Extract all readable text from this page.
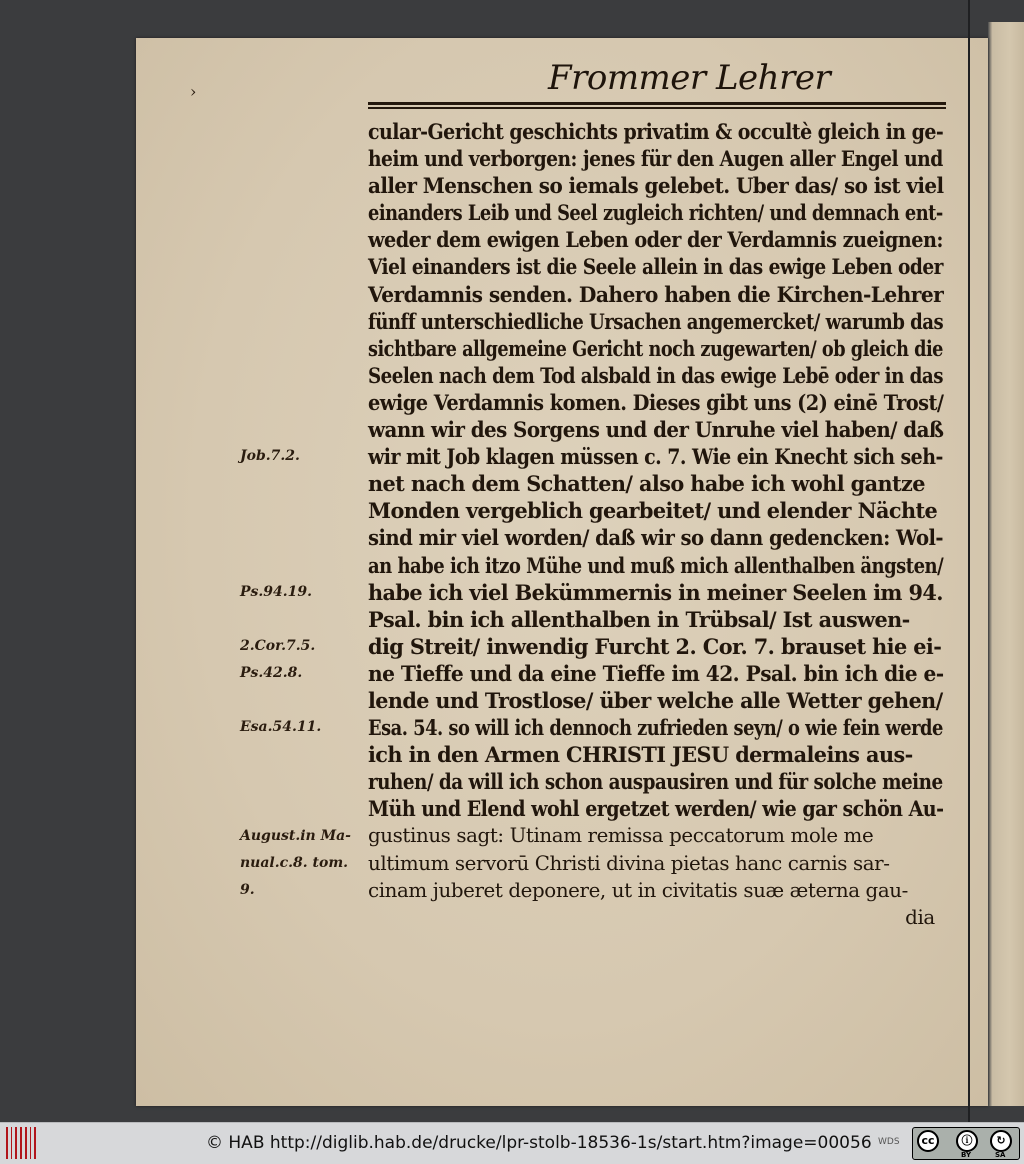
›	Frommer Lehrer
cular-Gericht geschichts privatim & occultè gleich in ge-
heim und verborgen: jenes für den Augen aller Engel und
aller Menschen so iemals gelebet. Uber das/ so ist viel
einanders Leib und Seel zugleich richten/ und demnach ent-
weder dem ewigen Leben oder der Verdamnis zueignen:
Viel einanders ist die Seele allein in das ewige Leben oder
Verdamnis senden. Dahero haben die Kirchen-Lehrer
fünff unterschiedliche Ursachen angemercket/ warumb das
sichtbare allgemeine Gericht noch zugewarten/ ob gleich die
Seelen nach dem Tod alsbald in das ewige Lebē oder in das
ewige Verdamnis komen. Dieses gibt uns (2) einē Trost/
wann wir des Sorgens und der Unruhe viel haben/ daß
wir mit Job klagen müssen c. 7. Wie ein Knecht sich seh-
net nach dem Schatten/ also habe ich wohl gantze
Monden vergeblich gearbeitet/ und elender Nächte
sind mir viel worden/ daß wir so dann gedencken: Wol-
an habe ich itzo Mühe und muß mich allenthalben ängsten/
habe ich viel Bekümmernis in meiner Seelen im 94.
Psal. bin ich allenthalben in Trübsal/ Ist auswen-
dig Streit/ inwendig Furcht 2. Cor. 7. brauset hie ei-
ne Tieffe und da eine Tieffe im 42. Psal. bin ich die e-
lende und Trostlose/ über welche alle Wetter gehen/
Esa. 54. so will ich dennoch zufrieden seyn/ o wie fein werde
ich in den Armen CHRISTI JESU dermaleins aus-
ruhen/ da will ich schon auspausiren und für solche meine
Müh und Elend wohl ergetzet werden/ wie gar schön Au-
gustinus sagt: Utinam remissa peccatorum mole me
ultimum servorū Christi divina pietas hanc carnis sar-
cinam juberet deponere, ut in civitatis suæ æterna gau-
dia
Job.7.2.
Ps.94.19.
2.Cor.7.5.
Ps.42.8.
Esa.54.11.
August.in Ma-
nual.c.8. tom.
9.
© HAB http://diglib.hab.de/drucke/lpr-stolb-18536-1s/start.htm?image=00056 WDS	cc	ⓘ	↻
BY	SA
